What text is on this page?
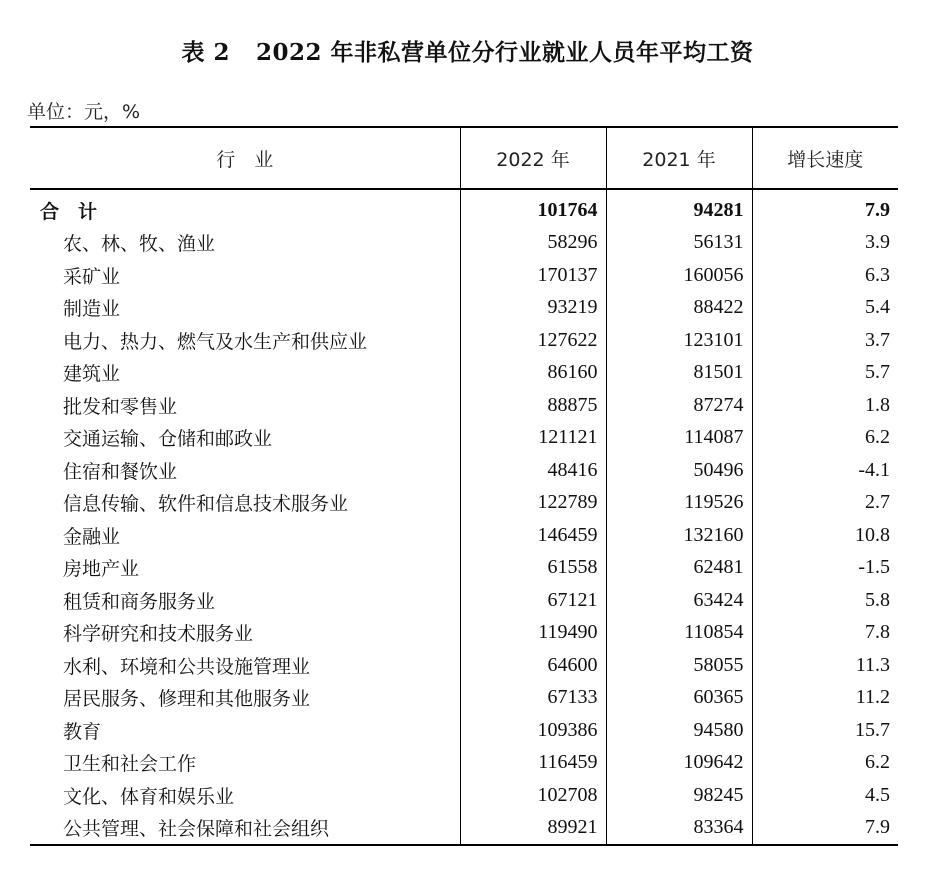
表 2 2022 年非私营单位分行业就业人员年平均工资
单位：元，%
行　业	2022 年	2021 年	增长速度
合　计	101764	94281	7.9
农、林、牧、渔业	58296	56131	3.9
采矿业	170137	160056	6.3
制造业	93219	88422	5.4
电力、热力、燃气及水生产和供应业	127622	123101	3.7
建筑业	86160	81501	5.7
批发和零售业	88875	87274	1.8
交通运输、仓储和邮政业	121121	114087	6.2
住宿和餐饮业	48416	50496	-4.1
信息传输、软件和信息技术服务业	122789	119526	2.7
金融业	146459	132160	10.8
房地产业	61558	62481	-1.5
租赁和商务服务业	67121	63424	5.8
科学研究和技术服务业	119490	110854	7.8
水利、环境和公共设施管理业	64600	58055	11.3
居民服务、修理和其他服务业	67133	60365	11.2
教育	109386	94580	15.7
卫生和社会工作	116459	109642	6.2
文化、体育和娱乐业	102708	98245	4.5
公共管理、社会保障和社会组织	89921	83364	7.9
